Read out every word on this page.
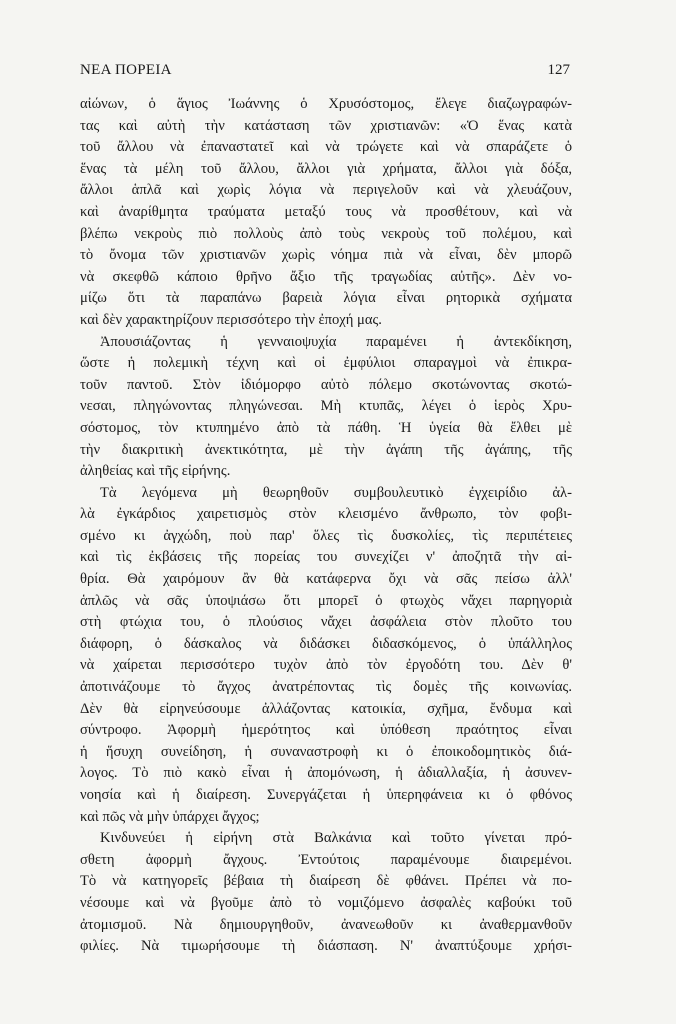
ΝΕΑ ΠΟΡΕΙΑ	127
αἰώνων, ὁ ἅγιος Ἰωάννης ὁ Χρυσόστομος, ἔλεγε διαζωγραφών-
τας καὶ αὐτὴ τὴν κατάσταση τῶν χριστιανῶν: «Ὁ ἕνας κατὰ
τοῦ ἄλλου νὰ ἐπαναστατεῖ καὶ νὰ τρώγετε καὶ νὰ σπαράζετε ὁ
ἕνας τὰ μέλη τοῦ ἄλλου, ἄλλοι γιὰ χρήματα, ἄλλοι γιὰ δόξα,
ἄλλοι ἁπλᾶ καὶ χωρὶς λόγια νὰ περιγελοῦν καὶ νὰ χλευάζουν,
καὶ ἀναρίθμητα τραύματα μεταξύ τους νὰ προσθέτουν, καὶ νὰ
βλέπω νεκροὺς πιὸ πολλοὺς ἀπὸ τοὺς νεκροὺς τοῦ πολέμου, καὶ
τὸ ὄνομα τῶν χριστιανῶν χωρὶς νόημα πιὰ νὰ εἶναι, δὲν μπορῶ
νὰ σκεφθῶ κάποιο θρῆνο ἄξιο τῆς τραγωδίας αὐτῆς». Δὲν νο-
μίζω ὅτι τὰ παραπάνω βαρειὰ λόγια εἶναι ρητορικὰ σχήματα
καὶ δὲν χαρακτηρίζουν περισσότερο τὴν ἐποχή μας.
Ἀπουσιάζοντας ἡ γενναιοψυχία παραμένει ἡ ἀντεκδίκηση,
ὥστε ἡ πολεμικὴ τέχνη καὶ οἱ ἐμφύλιοι σπαραγμοὶ νὰ ἐπικρα-
τοῦν παντοῦ. Στὸν ἰδιόμορφο αὐτὸ πόλεμο σκοτώνοντας σκοτώ-
νεσαι, πληγώνοντας πληγώνεσαι. Μὴ κτυπᾶς, λέγει ὁ ἱερὸς Χρυ-
σόστομος, τὸν κτυπημένο ἀπὸ τὰ πάθη. Ἡ ὑγεία θὰ ἔλθει μὲ
τὴν διακριτικὴ ἀνεκτικότητα, μὲ τὴν ἀγάπη τῆς ἀγάπης, τῆς
ἀληθείας καὶ τῆς εἰρήνης.
Τὰ λεγόμενα μὴ θεωρηθοῦν συμβουλευτικὸ ἐγχειρίδιο ἀλ-
λὰ ἐγκάρδιος χαιρετισμὸς στὸν κλεισμένο ἄνθρωπο, τὸν φοβι-
σμένο κι ἀγχώδη, ποὺ παρ' ὅλες τὶς δυσκολίες, τὶς περιπέτειες
καὶ τὶς ἐκβάσεις τῆς πορείας του συνεχίζει ν' ἀποζητᾶ τὴν αἰ-
θρία. Θὰ χαιρόμουν ἂν θὰ κατάφερνα ὄχι νὰ σᾶς πείσω ἀλλ'
ἁπλῶς νὰ σᾶς ὑποψιάσω ὅτι μπορεῖ ὁ φτωχὸς νἄχει παρηγοριὰ
στὴ φτώχια του, ὁ πλούσιος νἄχει ἀσφάλεια στὸν πλοῦτο του
διάφορη, ὁ δάσκαλος νὰ διδάσκει διδασκόμενος, ὁ ὑπάλληλος
νὰ χαίρεται περισσότερο τυχὸν ἀπὸ τὸν ἐργοδότη του. Δὲν θ'
ἀποτινάζουμε τὸ ἄγχος ἀνατρέποντας τὶς δομὲς τῆς κοινωνίας.
Δὲν θὰ εἰρηνεύσουμε ἀλλάζοντας κατοικία, σχῆμα, ἔνδυμα καὶ
σύντροφο. Ἀφορμὴ ἡμερότητος καὶ ὑπόθεση πραότητος εἶναι
ἡ ἥσυχη συνείδηση, ἡ συναναστροφὴ κι ὁ ἐποικοδομητικὸς διά-
λογος. Τὸ πιὸ κακὸ εἶναι ἡ ἀπομόνωση, ἡ ἀδιαλλαξία, ἡ ἀσυνεν-
νοησία καὶ ἡ διαίρεση. Συνεργάζεται ἡ ὑπερηφάνεια κι ὁ φθόνος
καὶ πῶς νὰ μὴν ὑπάρχει ἄγχος;
Κινδυνεύει ἡ εἰρήνη στὰ Βαλκάνια καὶ τοῦτο γίνεται πρό-
σθετη ἀφορμὴ ἄγχους. Ἐντούτοις παραμένουμε διαιρεμένοι.
Τὸ νὰ κατηγορεῖς βέβαια τὴ διαίρεση δὲ φθάνει. Πρέπει νὰ πο-
νέσουμε καὶ νὰ βγοῦμε ἀπὸ τὸ νομιζόμενο ἀσφαλὲς καβούκι τοῦ
ἀτομισμοῦ. Νὰ δημιουργηθοῦν, ἀνανεωθοῦν κι ἀναθερμανθοῦν
φιλίες. Νὰ τιμωρήσουμε τὴ διάσπαση. Ν' ἀναπτύξουμε χρήσι-
